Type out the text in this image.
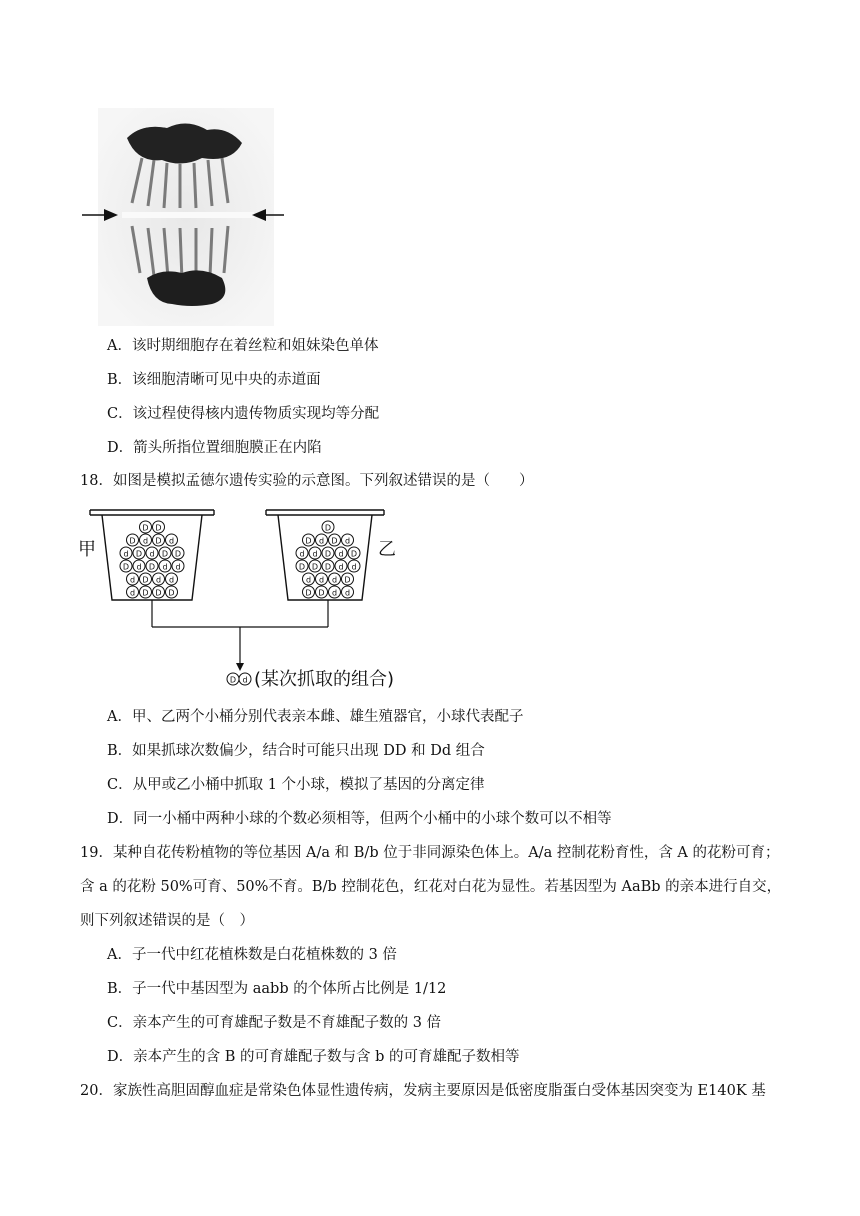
A．该时期细胞存在着丝粒和姐妹染色单体
B．该细胞清晰可见中央的赤道面
C．该过程使得核内遗传物质实现均等分配
D．箭头所指位置细胞膜正在内陷
18．如图是模拟孟德尔遗传实验的示意图。下列叙述错误的是（　　）
甲	乙
D D
D d D d
d D d D D
D d D d d
d D d d
d D D D
D
D d D d
d d D d D
D D D d d
d d d D
D D d d
D d (某次抓取的组合)
A．甲、乙两个小桶分别代表亲本雌、雄生殖器官，小球代表配子
B．如果抓球次数偏少，结合时可能只出现 DD 和 Dd 组合
C．从甲或乙小桶中抓取 1 个小球，模拟了基因的分离定律
D．同一小桶中两种小球的个数必须相等，但两个小桶中的小球个数可以不相等
19．某种自花传粉植物的等位基因 A/a 和 B/b 位于非同源染色体上。A/a 控制花粉育性，含 A 的花粉可育；
含 a 的花粉 50%可育、50%不育。B/b 控制花色，红花对白花为显性。若基因型为 AaBb 的亲本进行自交，
则下列叙述错误的是（　）
A．子一代中红花植株数是白花植株数的 3 倍
B．子一代中基因型为 aabb 的个体所占比例是 1/12
C．亲本产生的可育雄配子数是不育雄配子数的 3 倍
D．亲本产生的含 B 的可育雄配子数与含 b 的可育雄配子数相等
20．家族性高胆固醇血症是常染色体显性遗传病，发病主要原因是低密度脂蛋白受体基因突变为 E140K 基
